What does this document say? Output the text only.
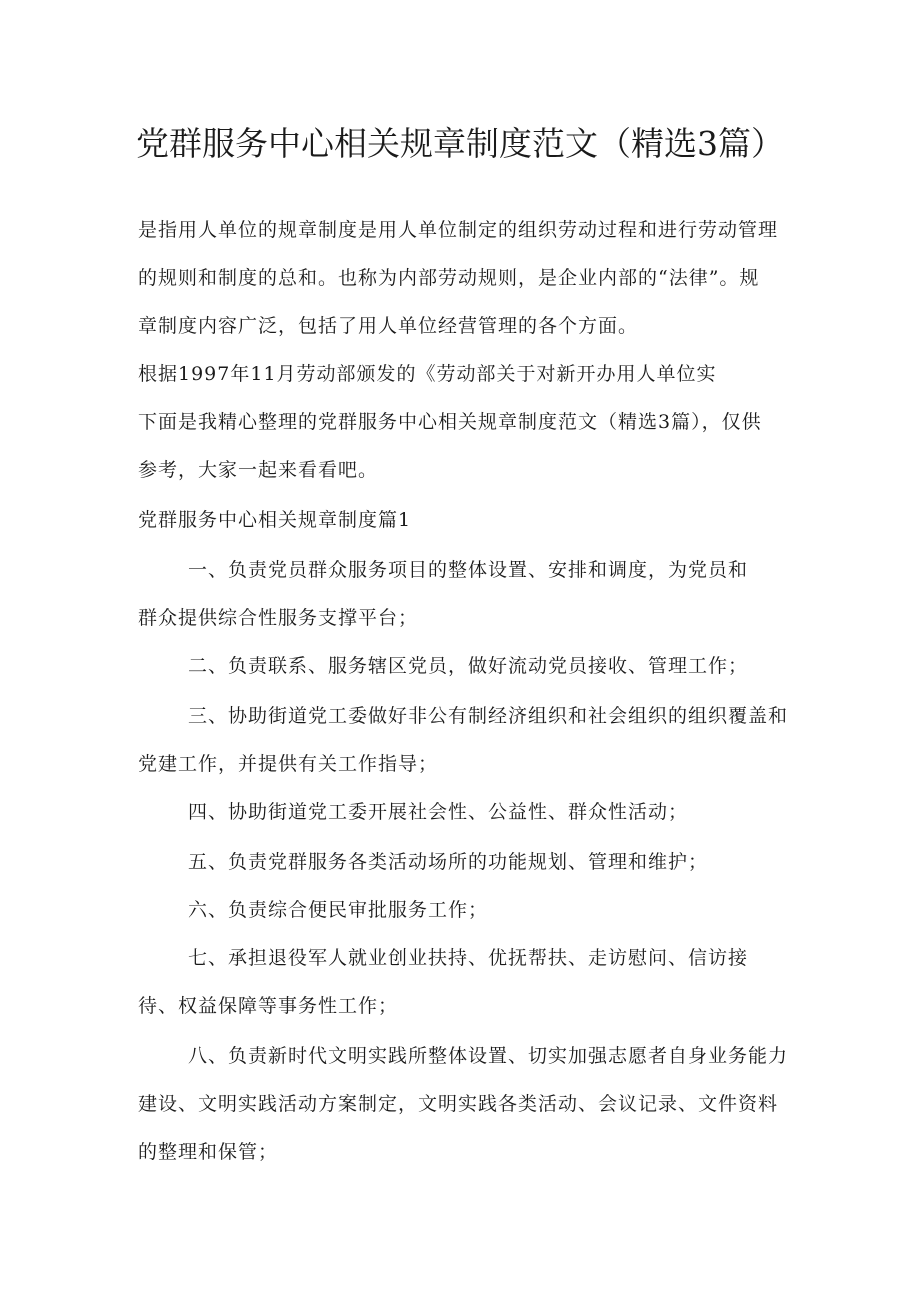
党群服务中心相关规章制度范文（精选3篇）
是指用人单位的规章制度是用人单位制定的组织劳动过程和进行劳动管理
的规则和制度的总和。也称为内部劳动规则，是企业内部的“法律”。规
章制度内容广泛，包括了用人单位经营管理的各个方面。
根据1997年11月劳动部颁发的《劳动部关于对新开办用人单位实
下面是我精心整理的党群服务中心相关规章制度范文（精选3篇），仅供
参考，大家一起来看看吧。
党群服务中心相关规章制度篇1
一、负责党员群众服务项目的整体设置、安排和调度，为党员和
群众提供综合性服务支撑平台；
二、负责联系、服务辖区党员，做好流动党员接收、管理工作；
三、协助街道党工委做好非公有制经济组织和社会组织的组织覆盖和
党建工作，并提供有关工作指导；
四、协助街道党工委开展社会性、公益性、群众性活动；
五、负责党群服务各类活动场所的功能规划、管理和维护；
六、负责综合便民审批服务工作；
七、承担退役军人就业创业扶持、优抚帮扶、走访慰问、信访接
待、权益保障等事务性工作；
八、负责新时代文明实践所整体设置、切实加强志愿者自身业务能力
建设、文明实践活动方案制定，文明实践各类活动、会议记录、文件资料
的整理和保管；
